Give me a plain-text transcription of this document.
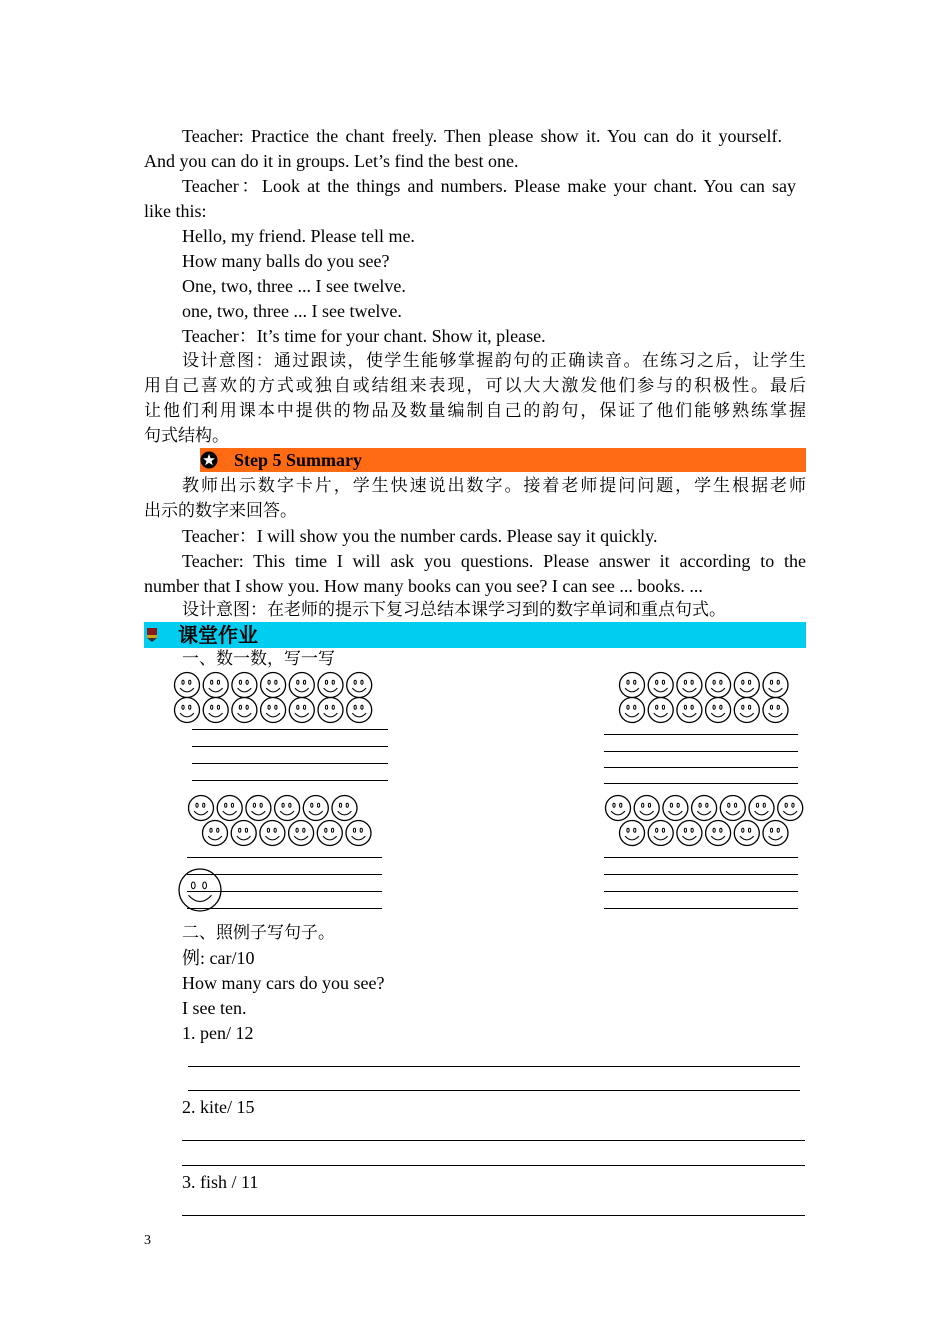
Teacher: Practice the chant freely. Then please show it. You can do it yourself.
And you can do it in groups. Let’s find the best one.
Teacher：Look at the things and numbers. Please make your chant. You can say
like this:
Hello, my friend. Please tell me.
How many balls do you see?
One, two, three ... I see twelve.
one, two, three ... I see twelve.
Teacher：It’s time for your chant. Show it, please.
设计意图：通过跟读，使学生能够掌握韵句的正确读音。在练习之后，让学生
用自己喜欢的方式或独自或结组来表现，可以大大激发他们参与的积极性。最后
让他们利用课本中提供的物品及数量编制自己的韵句，保证了他们能够熟练掌握
句式结构。
Step 5 Summary
教师出示数字卡片，学生快速说出数字。接着老师提问问题，学生根据老师
出示的数字来回答。
Teacher：I will show you the number cards. Please say it quickly.
Teacher: This time I will ask you questions. Please answer it according to the
number that I show you. How many books can you see? I can see ... books. ...
设计意图：在老师的提示下复习总结本课学习到的数字单词和重点句式。
课堂作业
一、数一数，写一写
二、照例子写句子。
例: car/10
How many cars do you see?
I see ten.
1. pen/ 12
2. kite/ 15
3. fish / 11
3
